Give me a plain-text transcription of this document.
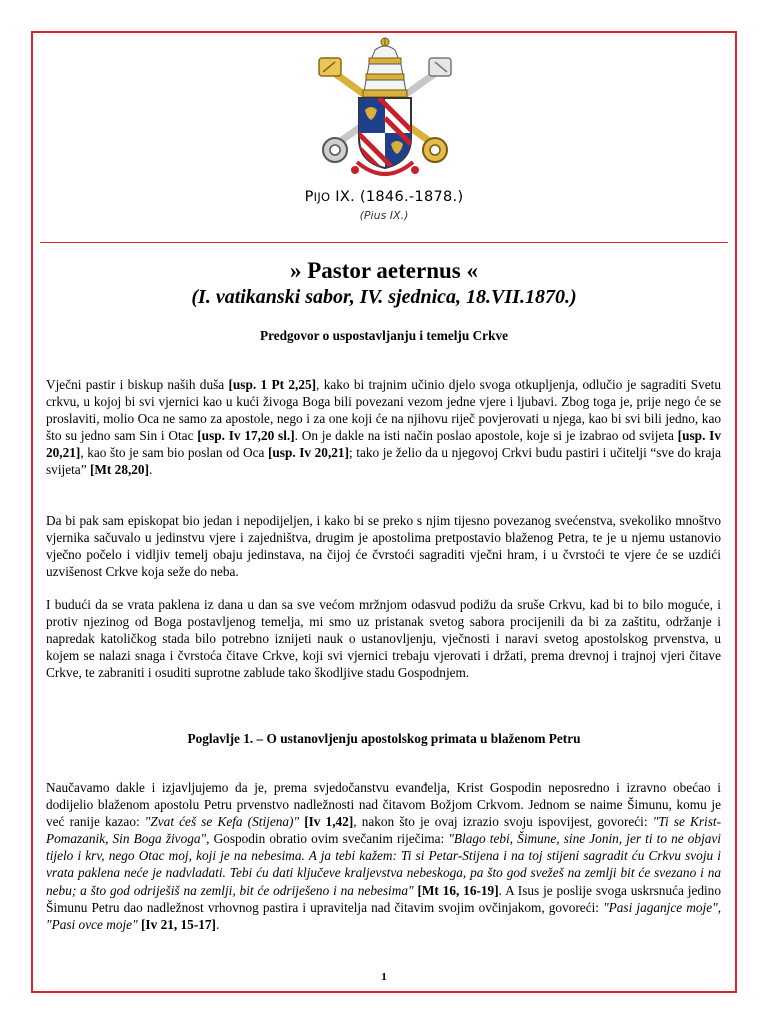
PIJO IX. (1846.-1878.)
(Pius IX.)
» Pastor aeternus «
(I. vatikanski sabor, IV. sjednica, 18.VII.1870.)
Predgovor o uspostavljanju i temelju Crkve
Vječni pastir i biskup naših duša [usp. 1 Pt 2,25], kako bi trajnim učinio djelo svoga otkupljenja, odlučio je sagraditi Svetu crkvu, u kojoj bi svi vjernici kao u kući živoga Boga bili povezani vezom jedne vjere i ljubavi. Zbog toga je, prije nego će se proslaviti, molio Oca ne samo za apostole, nego i za one koji će na njihovu riječ povjerovati u njega, kao bi svi bili jedno, kao što su jedno sam Sin i Otac [usp. Iv 17,20 sl.]. On je dakle na isti način poslao apostole, koje si je izabrao od svijeta [usp. Iv 20,21], kao što je sam bio poslan od Oca [usp. Iv 20,21]; tako je želio da u njegovoj Crkvi budu pastiri i učitelji “sve do kraja svijeta” [Mt 28,20].
Da bi pak sam episkopat bio jedan i nepodijeljen, i kako bi se preko s njim tijesno povezanog svećenstva, svekoliko mnoštvo vjernika sačuvalo u jedinstvu vjere i zajedništva, drugim je apostolima pretpostavio blaženog Petra, te je u njemu ustanovio vječno počelo i vidljiv temelj obaju jedinstava, na čijoj će čvrstoći sagraditi vječni hram, i u čvrstoći te vjere će se uzdići uzvišenost Crkve koja seže do neba.
I budući da se vrata paklena iz dana u dan sa sve većom mržnjom odasvud podižu da sruše Crkvu, kad bi to bilo moguće, i protiv njezinog od Boga postavljenog temelja, mi smo uz pristanak svetog sabora procijenili da bi za zaštitu, održanje i napredak katoličkog stada bilo potrebno iznijeti nauk o ustanovljenju, vječnosti i naravi svetog apostolskog prvenstva, u kojem se nalazi snaga i čvrstoća čitave Crkve, koji svi vjernici trebaju vjerovati i držati, prema drevnoj i trajnoj vjeri čitave Crkve, te zabraniti i osuditi suprotne zablude tako škodljive stadu Gospodnjem.
Poglavlje 1. – O ustanovljenju apostolskog primata u blaženom Petru
Naučavamo dakle i izjavljujemo da je, prema svjedočanstvu evanđelja, Krist Gospodin neposredno i izravno obećao i dodijelio blaženom apostolu Petru prvenstvo nadležnosti nad čitavom Božjom Crkvom. Jednom se naime Šimunu, komu je već ranije kazao: "Zvat ćeš se Kefa (Stijena)" [Iv 1,42], nakon što je ovaj izrazio svoju ispovijest, govoreći: "Ti se Krist-Pomazanik, Sin Boga živoga", Gospodin obratio ovim svečanim riječima: "Blago tebi, Šimune, sine Jonin, jer ti to ne objavi tijelo i krv, nego Otac moj, koji je na nebesima. A ja tebi kažem: Ti si Petar-Stijena i na toj stijeni sagradit ću Crkvu svoju i vrata paklena neće je nadvladati. Tebi ću dati ključeve kraljevstva nebeskoga, pa što god svežeš na zemlji bit će svezano i na nebu; a što god odriješiš na zemlji, bit će odriješeno i na nebesima" [Mt 16, 16-19]. A Isus je poslije svoga uskrsnuća jedino Šimunu Petru dao nadležnost vrhovnog pastira i upravitelja nad čitavim svojim ovčinjakom, govoreći: "Pasi jaganjce moje", "Pasi ovce moje" [Iv 21, 15-17].
1
